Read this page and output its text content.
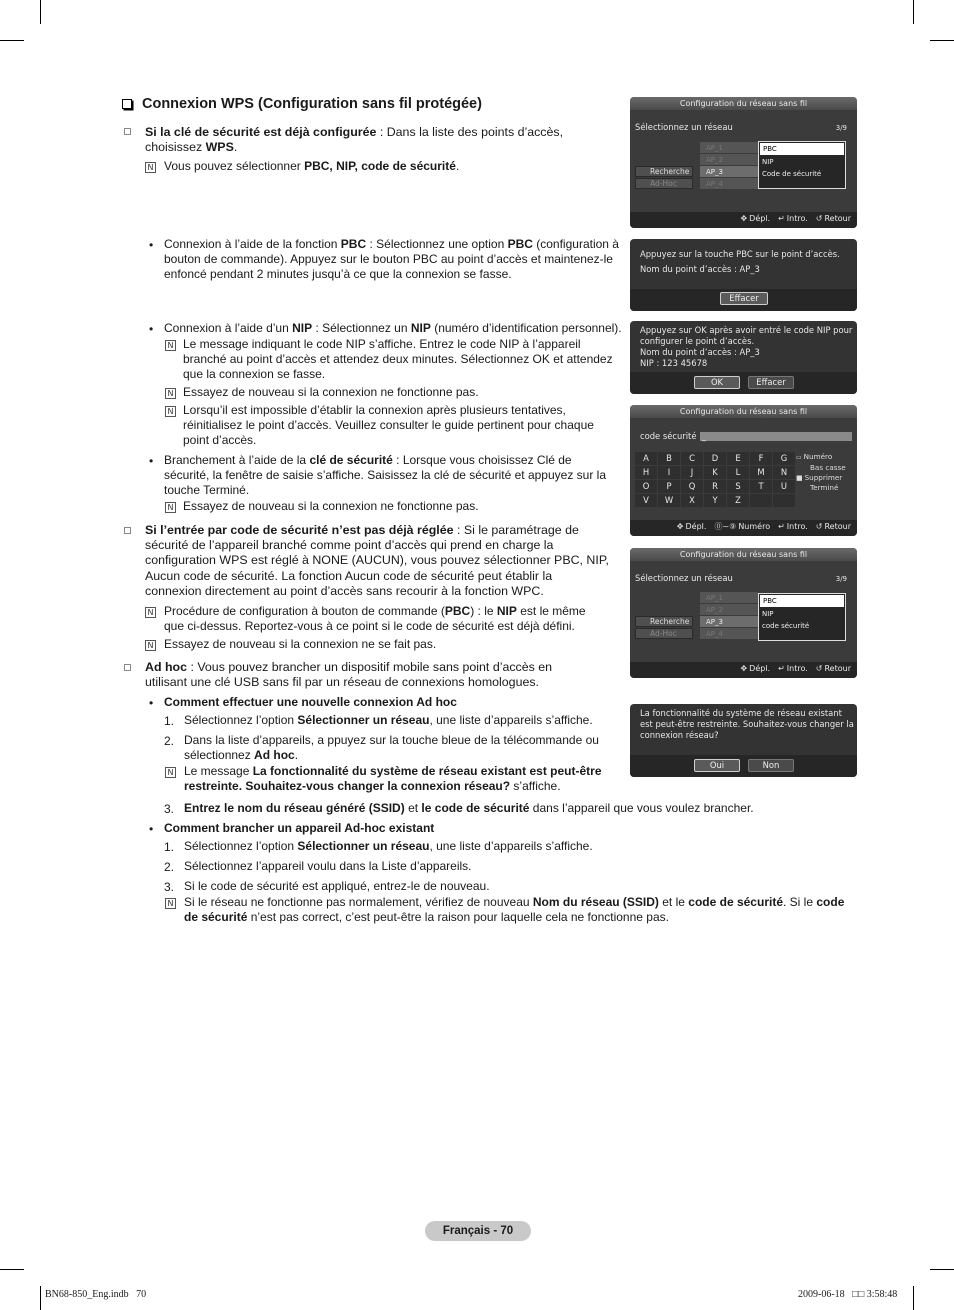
Connexion WPS (Configuration sans fil protégée)
Si la clé de sécurité est déjà configurée : Dans la liste des points d’accès, choisissez WPS.
N Vous pouvez sélectionner PBC, NIP, code de sécurité.
• Connexion à l’aide de la fonction PBC : Sélectionnez une option PBC (configuration à bouton de commande). Appuyez sur le bouton PBC au point d’accès et maintenez-le enfoncé pendant 2 minutes jusqu’à ce que la connexion se fasse.
• Connexion à l’aide d’un NIP : Sélectionnez un NIP (numéro d’identification personnel).
N Le message indiquant le code NIP s’affiche. Entrez le code NIP à l’appareil branché au point d’accès et attendez deux minutes. Sélectionnez OK et attendez que la connexion se fasse.
N Essayez de nouveau si la connexion ne fonctionne pas.
N Lorsqu’il est impossible d’établir la connexion après plusieurs tentatives, réinitialisez le point d’accès. Veuillez consulter le guide pertinent pour chaque point d’accès.
• Branchement à l’aide de la clé de sécurité : Lorsque vous choisissez Clé de sécurité, la fenêtre de saisie s’affiche. Saisissez la clé de sécurité et appuyez sur la touche Terminé.
N Essayez de nouveau si la connexion ne fonctionne pas.
Si l’entrée par code de sécurité n’est pas déjà réglée : Si le paramétrage de sécurité de l’appareil branché comme point d’accès qui prend en charge la configuration WPS est réglé à NONE (AUCUN), vous pouvez sélectionner PBC, NIP, Aucun code de sécurité. La fonction Aucun code de sécurité peut établir la connexion directement au point d’accès sans recourir à la fonction WPC.
N Procédure de configuration à bouton de commande (PBC) : le NIP est le même que ci-dessus. Reportez-vous à ce point si le code de sécurité est déjà défini.
N Essayez de nouveau si la connexion ne se fait pas.
Ad hoc : Vous pouvez brancher un dispositif mobile sans point d’accès en utilisant une clé USB sans fil par un réseau de connexions homologues.
• Comment effectuer une nouvelle connexion Ad hoc
1. Sélectionnez l’option Sélectionner un réseau, une liste d’appareils s’affiche.
2. Dans la liste d’appareils, a ppuyez sur la touche bleue de la télécommande ou sélectionnez Ad hoc.
N Le message La fonctionnalité du système de réseau existant est peut-être restreinte. Souhaitez-vous changer la connexion réseau? s’affiche.
3. Entrez le nom du réseau généré (SSID) et le code de sécurité dans l’appareil que vous voulez brancher.
• Comment brancher un appareil Ad-hoc existant
1. Sélectionnez l’option Sélectionner un réseau, une liste d’appareils s’affiche.
2. Sélectionnez l’appareil voulu dans la Liste d’appareils.
3. Si le code de sécurité est appliqué, entrez-le de nouveau.
N Si le réseau ne fonctionne pas normalement, vérifiez de nouveau Nom du réseau (SSID) et le code de sécurité. Si le code de sécurité n’est pas correct, c’est peut-être la raison pour laquelle cela ne fonctionne pas.
Configuration du réseau sans fil
Sélectionnez un réseau	3/9
AP_1
AP_2
AP_3
AP_4
Recherche
Ad-Hoc
PBC
NIP
Code de sécurité
✥ Dépl. ↵ Intro. ↺ Retour
Appuyez sur la touche PBC sur le point d’accès.
Nom du point d’accès : AP_3
Effacer
Appuyez sur OK après avoir entré le code NIP pour
configurer le point d’accès.
Nom du point d’accès : AP_3
NIP : 123 45678
OK	Effacer
Configuration du réseau sans fil
code sécurité _
A	B	C	D	E	F	G
H	I	J	K	L	M	N
O	P	Q	R	S	T	U
V	W	X	Y	Z
▭ Numéro
Bas casse
■ Supprimer
Terminé
✥ Dépl. ⓪~⑨ Numéro ↵ Intro. ↺ Retour
Configuration du réseau sans fil
Sélectionnez un réseau	3/9
AP_1
AP_2
AP_3
AP_4
Recherche
Ad-Hoc
PBC
NIP
code sécurité
✥ Dépl. ↵ Intro. ↺ Retour
La fonctionnalité du système de réseau existant
est peut-être restreinte. Souhaitez-vous changer la
connexion réseau?
Oui	Non
Français - 70
BN68-850_Eng.indb   70	2009-06-18   □□ 3:58:48
